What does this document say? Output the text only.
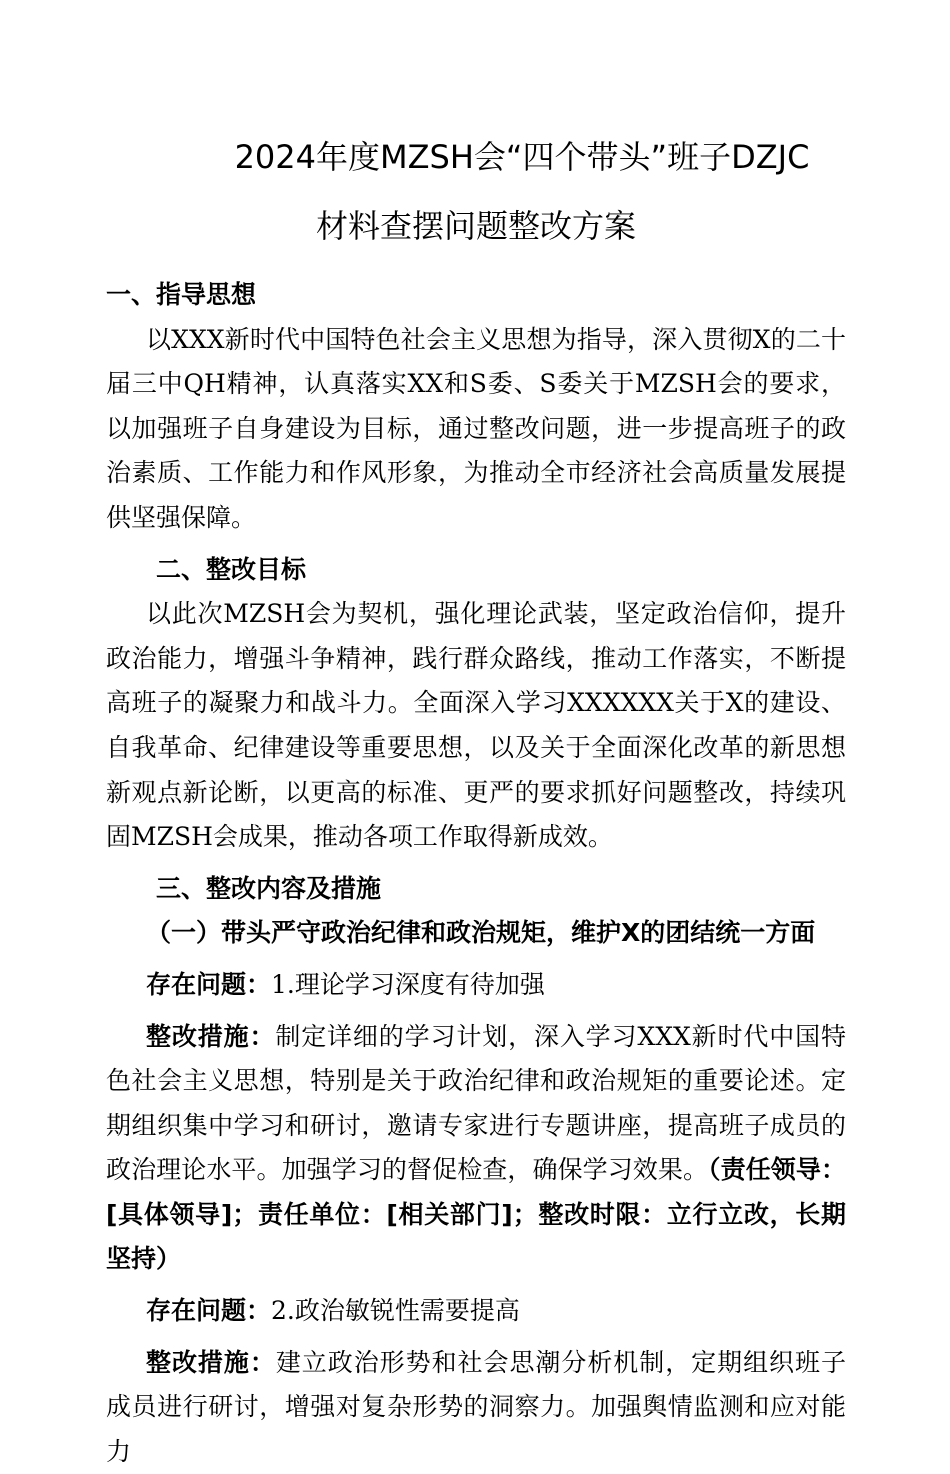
2024年度MZSH会“四个带头”班子DZJC

材料查摆问题整改方案

一、指导思想

以XXX新时代中国特色社会主义思想为指导，深入贯彻X的二十届三中QH精神，认真落实XX和S委、S委关于MZSH会的要求，以加强班子自身建设为目标，通过整改问题，进一步提高班子的政治素质、工作能力和作风形象，为推动全市经济社会高质量发展提供坚强保障。

二、整改目标

以此次MZSH会为契机，强化理论武装，坚定政治信仰，提升政治能力，增强斗争精神，践行群众路线，推动工作落实，不断提高班子的凝聚力和战斗力。全面深入学习XXXXXX关于X的建设、自我革命、纪律建设等重要思想，以及关于全面深化改革的新思想新观点新论断，以更高的标准、更严的要求抓好问题整改，持续巩固MZSH会成果，推动各项工作取得新成效。

三、整改内容及措施

（一）带头严守政治纪律和政治规矩，维护X的团结统一方面

存在问题：1.理论学习深度有待加强

整改措施：制定详细的学习计划，深入学习XXX新时代中国特色社会主义思想，特别是关于政治纪律和政治规矩的重要论述。定期组织集中学习和研讨，邀请专家进行专题讲座，提高班子成员的政治理论水平。加强学习的督促检查，确保学习效果。（责任领导：[具体领导]；责任单位：[相关部门]；整改时限：立行立改，长期坚持）

存在问题：2.政治敏锐性需要提高

整改措施：建立政治形势和社会思潮分析机制，定期组织班子成员进行研讨，增强对复杂形势的洞察力。加强舆情监测和应对能力
